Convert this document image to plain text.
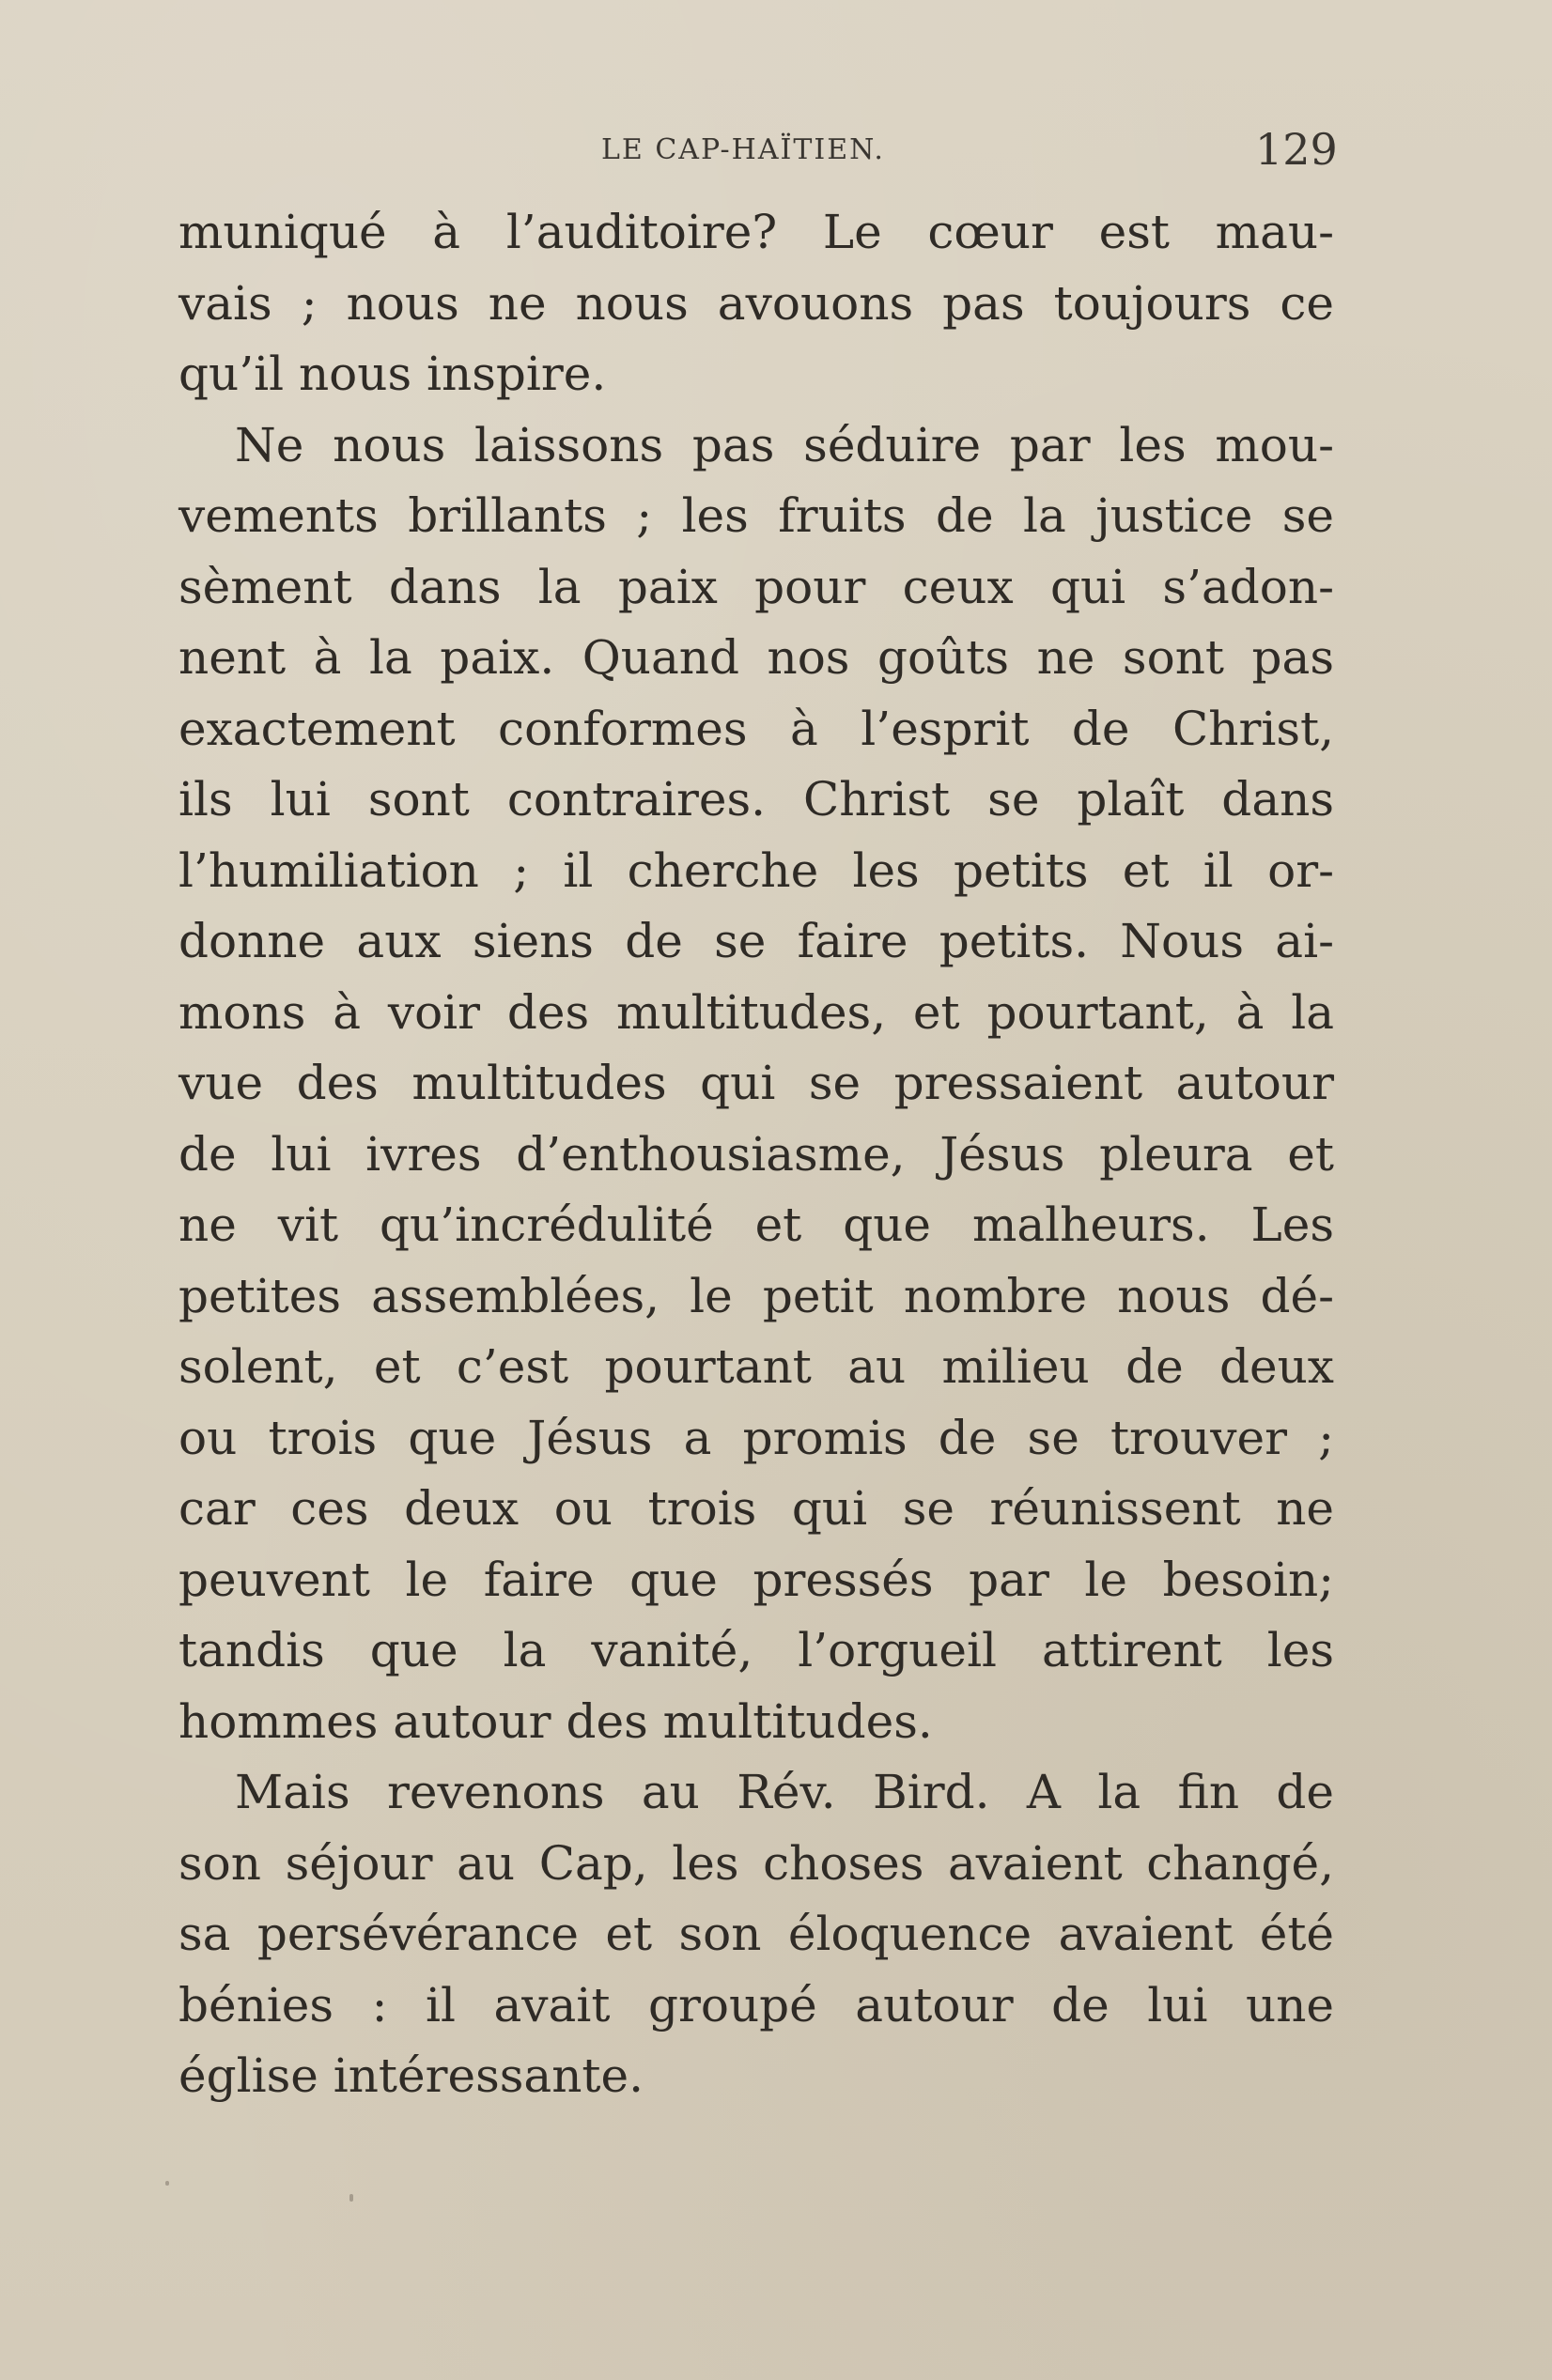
LE CAP-HAÏTIEN.	129
muniqué à l’auditoire? Le cœur est mau-
vais ; nous ne nous avouons pas toujours ce
qu’il nous inspire.
Ne nous laissons pas séduire par les mou-
vements brillants ; les fruits de la justice se
sèment dans la paix pour ceux qui s’adon-
nent à la paix. Quand nos goûts ne sont pas
exactement conformes à l’esprit de Christ,
ils lui sont contraires. Christ se plaît dans
l’humiliation ; il cherche les petits et il or-
donne aux siens de se faire petits. Nous ai-
mons à voir des multitudes, et pourtant, à la
vue des multitudes qui se pressaient autour
de lui ivres d’enthousiasme, Jésus pleura et
ne vit qu’incrédulité et que malheurs. Les
petites assemblées, le petit nombre nous dé-
solent, et c’est pourtant au milieu de deux
ou trois que Jésus a promis de se trouver ;
car ces deux ou trois qui se réunissent ne
peuvent le faire que pressés par le besoin;
tandis que la vanité, l’orgueil attirent les
hommes autour des multitudes.
Mais revenons au Rév. Bird. A la fin de
son séjour au Cap, les choses avaient changé,
sa persévérance et son éloquence avaient été
bénies : il avait groupé autour de lui une
église intéressante.
